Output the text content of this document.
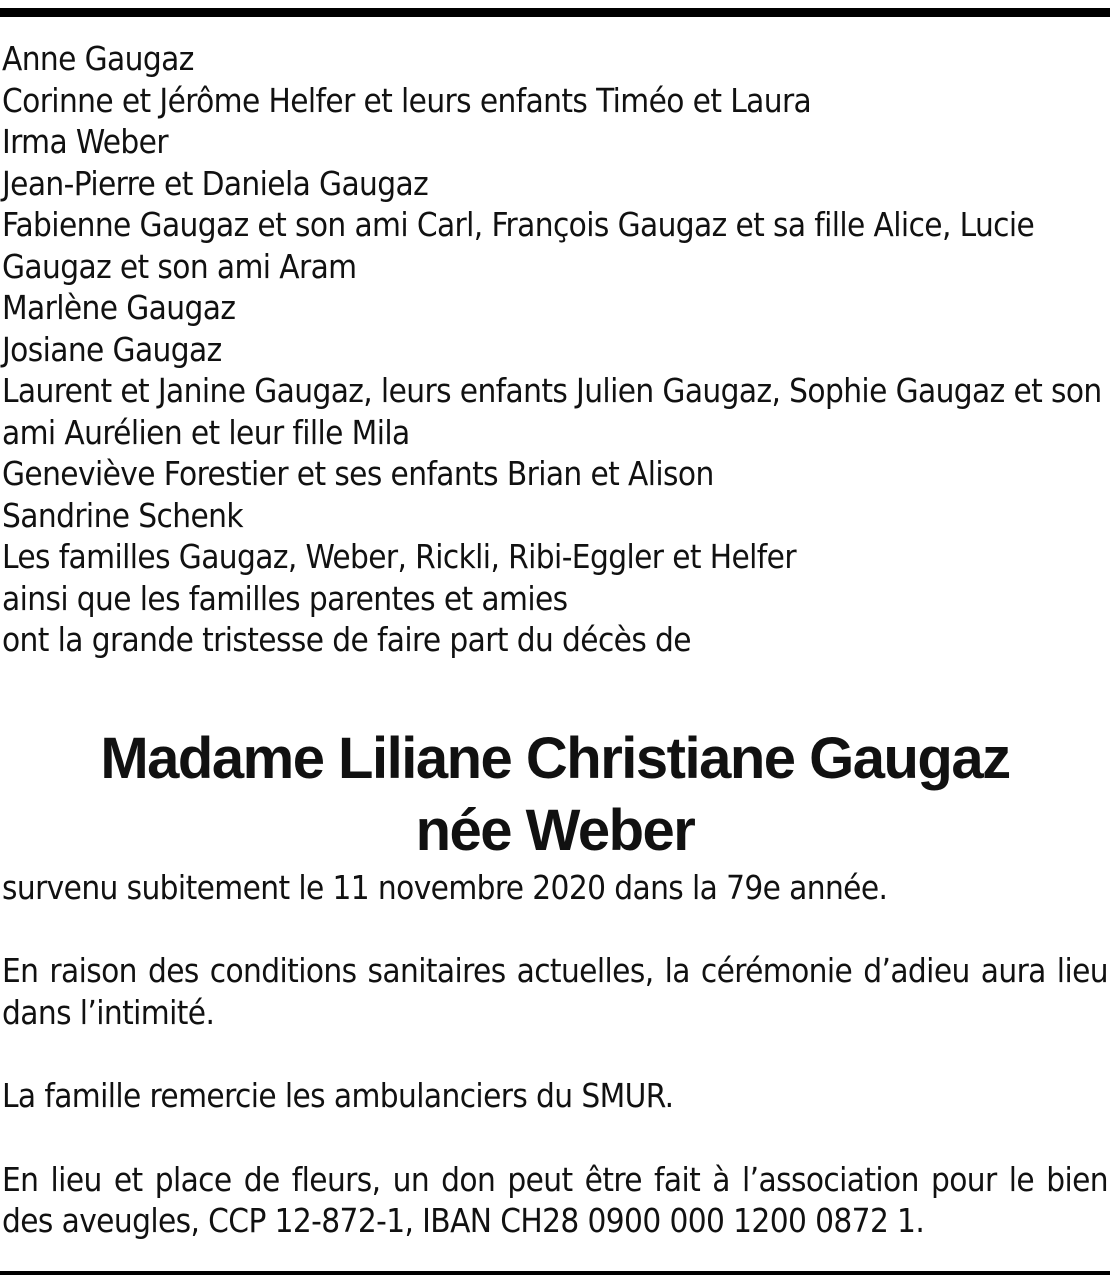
Anne Gaugaz
Corinne et Jérôme Helfer et leurs enfants Timéo et Laura
Irma Weber
Jean-Pierre et Daniela Gaugaz
Fabienne Gaugaz et son ami Carl, François Gaugaz et sa fille Alice, Lucie Gaugaz et son ami Aram
Marlène Gaugaz
Josiane Gaugaz
Laurent et Janine Gaugaz, leurs enfants Julien Gaugaz, Sophie Gaugaz et son ami Aurélien et leur fille Mila
Geneviève Forestier et ses enfants Brian et Alison
Sandrine Schenk
Les familles Gaugaz, Weber, Rickli, Ribi-Eggler et Helfer
ainsi que les familles parentes et amies
ont la grande tristesse de faire part du décès de
Madame Liliane Christiane Gaugaz
née Weber

survenu subitement le 11 novembre 2020 dans la 79e année.

En raison des conditions sanitaires actuelles, la cérémonie d’adieu aura lieu dans l’intimité.

La famille remercie les ambulanciers du SMUR.

En lieu et place de fleurs, un don peut être fait à l’association pour le bien des aveugles, CCP 12-872-1, IBAN CH28 0900 000 1200 0872 1.
